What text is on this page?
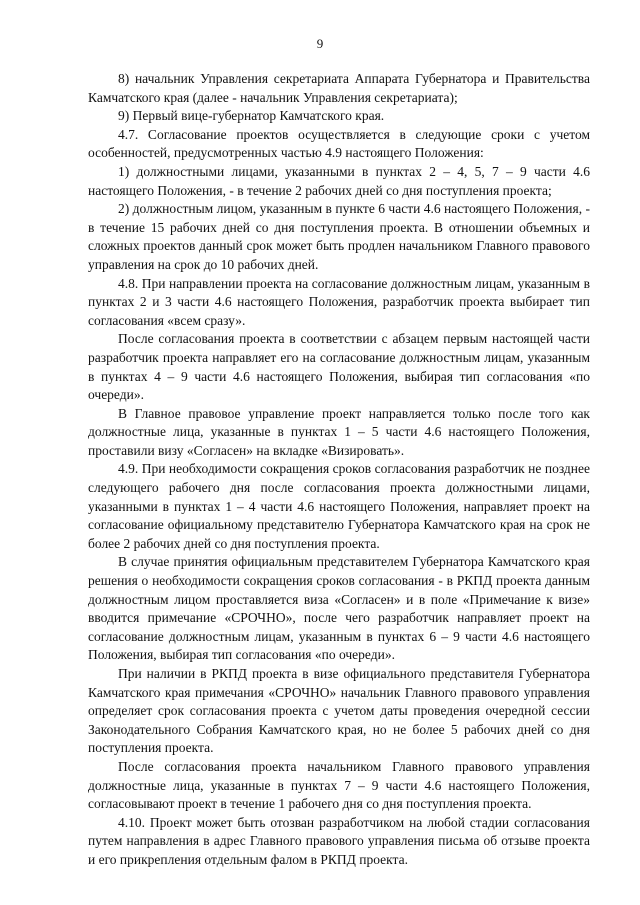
9

8) начальник Управления секретариата Аппарата Губернатора и Правительства Камчатского края (далее - начальник Управления секретариата);

9) Первый вице-губернатор Камчатского края.

4.7. Согласование проектов осуществляется в следующие сроки с учетом особенностей, предусмотренных частью 4.9 настоящего Положения:

1) должностными лицами, указанными в пунктах 2 – 4, 5, 7 – 9 части 4.6 настоящего Положения, - в течение 2 рабочих дней со дня поступления проекта;

2) должностным лицом, указанным в пункте 6 части 4.6 настоящего Положения, - в течение 15 рабочих дней со дня поступления проекта. В отношении объемных и сложных проектов данный срок может быть продлен начальником Главного правового управления на срок до 10 рабочих дней.

4.8. При направлении проекта на согласование должностным лицам, указанным в пунктах 2 и 3 части 4.6 настоящего Положения, разработчик проекта выбирает тип согласования «всем сразу».

После согласования проекта в соответствии с абзацем первым настоящей части разработчик проекта направляет его на согласование должностным лицам, указанным в пунктах 4 – 9 части 4.6 настоящего Положения, выбирая тип согласования «по очереди».

В Главное правовое управление проект направляется только после того как должностные лица, указанные в пунктах 1 – 5 части 4.6 настоящего Положения, проставили визу «Согласен» на вкладке «Визировать».

4.9. При необходимости сокращения сроков согласования разработчик не позднее следующего рабочего дня после согласования проекта должностными лицами, указанными в пунктах 1 – 4 части 4.6 настоящего Положения, направляет проект на согласование официальному представителю Губернатора Камчатского края на срок не более 2 рабочих дней со дня поступления проекта.

В случае принятия официальным представителем Губернатора Камчатского края решения о необходимости сокращения сроков согласования - в РКПД проекта данным должностным лицом проставляется виза «Согласен» и в поле «Примечание к визе» вводится примечание «СРОЧНО», после чего разработчик направляет проект на согласование должностным лицам, указанным в пунктах 6 – 9 части 4.6 настоящего Положения, выбирая тип согласования «по очереди».

При наличии в РКПД проекта в визе официального представителя Губернатора Камчатского края примечания «СРОЧНО» начальник Главного правового управления определяет срок согласования проекта с учетом даты проведения очередной сессии Законодательного Собрания Камчатского края, но не более 5 рабочих дней со дня поступления проекта.

После согласования проекта начальником Главного правового управления должностные лица, указанные в пунктах 7 – 9 части 4.6 настоящего Положения, согласовывают проект в течение 1 рабочего дня со дня поступления проекта.

4.10. Проект может быть отозван разработчиком на любой стадии согласования путем направления в адрес Главного правового управления письма об отзыве проекта и его прикрепления отдельным фалом в РКПД проекта.
